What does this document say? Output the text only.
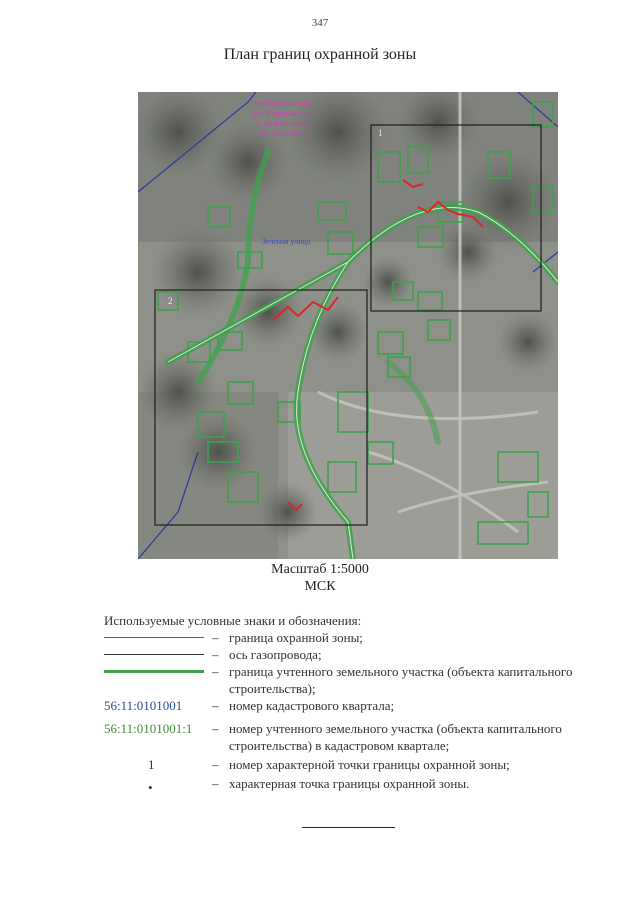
347
План границ охранной зоны
Оренбургская обл.,
р-н Шарлыкский,
с. Кузьминовка,
ул. Советская
Зеленая улица
1
2
Масштаб 1:5000
МСК
Используемые условные знаки и обозначения:
– граница охранной зоны;
– ось газопровода;
– граница учтенного земельного участка (объекта капитального строительства);
56:11:0101001	– номер кадастрового квартала;
56:11:0101001:1	– номер учтенного земельного участка (объекта капитального строительства) в кадастровом квартале;
1	– номер характерной точки границы охранной зоны;
•	– характерная точка границы охранной зоны.
